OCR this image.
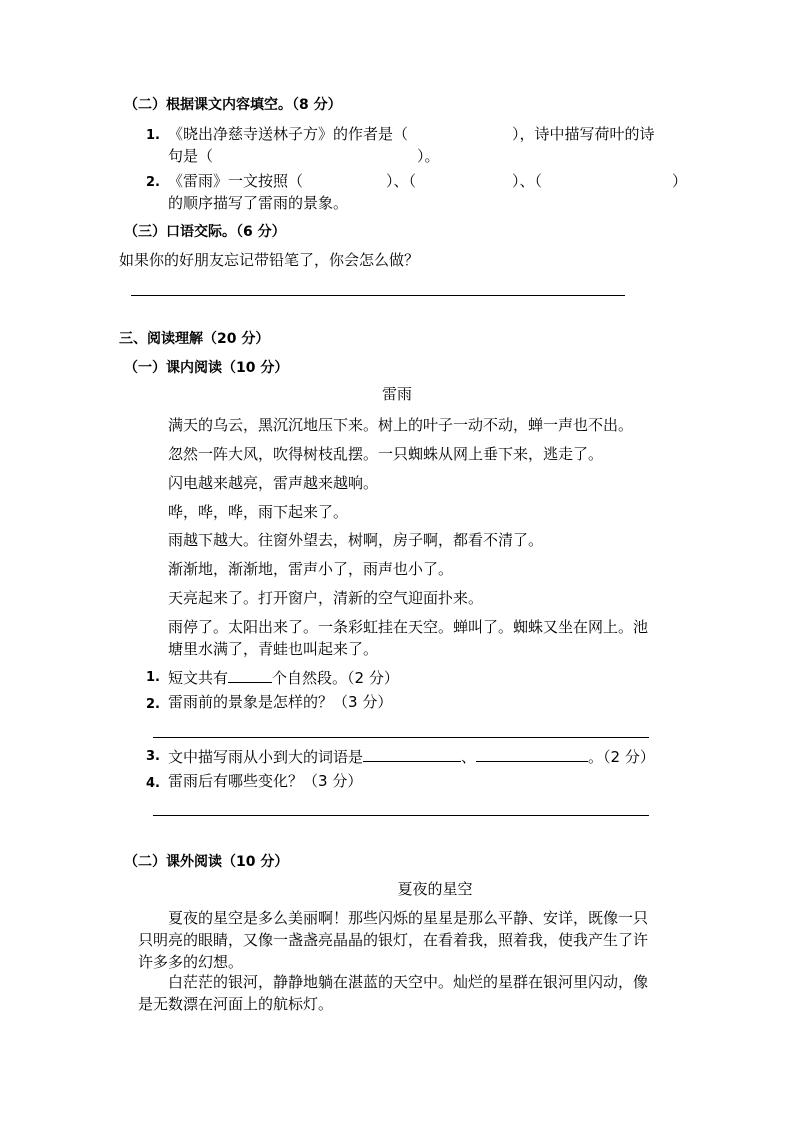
（二）根据课文内容填空。（8 分）
1. 《晓出净慈寺送林子方》的作者是（	），诗中描写荷叶的诗
句是（	）。
2. 《雷雨》一文按照（	）、（	）、（	）
的顺序描写了雷雨的景象。
（三）口语交际。（6 分）
如果你的好朋友忘记带铅笔了，你会怎么做？
三、阅读理解（20 分）
（一）课内阅读（10 分）
雷雨
满天的乌云，黑沉沉地压下来。树上的叶子一动不动，蝉一声也不出。
忽然一阵大风，吹得树枝乱摆。一只蜘蛛从网上垂下来，逃走了。
闪电越来越亮，雷声越来越响。
哗，哗，哗，雨下起来了。
雨越下越大。往窗外望去，树啊，房子啊，都看不清了。
渐渐地，渐渐地，雷声小了，雨声也小了。
天亮起来了。打开窗户，清新的空气迎面扑来。
雨停了。太阳出来了。一条彩虹挂在天空。蝉叫了。蜘蛛又坐在网上。池
塘里水满了，青蛙也叫起来了。
1. 短文共有	个自然段。（2 分）
2. 雷雨前的景象是怎样的？（3 分）
3. 文中描写雨从小到大的词语是	、	。（2 分）
4. 雷雨后有哪些变化？（3 分）
（二）课外阅读（10 分）
夏夜的星空
夏夜的星空是多么美丽啊！那些闪烁的星星是那么平静、安详，既像一只
只明亮的眼睛，又像一盏盏亮晶晶的银灯，在看着我，照着我，使我产生了许
许多多的幻想。
白茫茫的银河，静静地躺在湛蓝的天空中。灿烂的星群在银河里闪动，像
是无数漂在河面上的航标灯。
